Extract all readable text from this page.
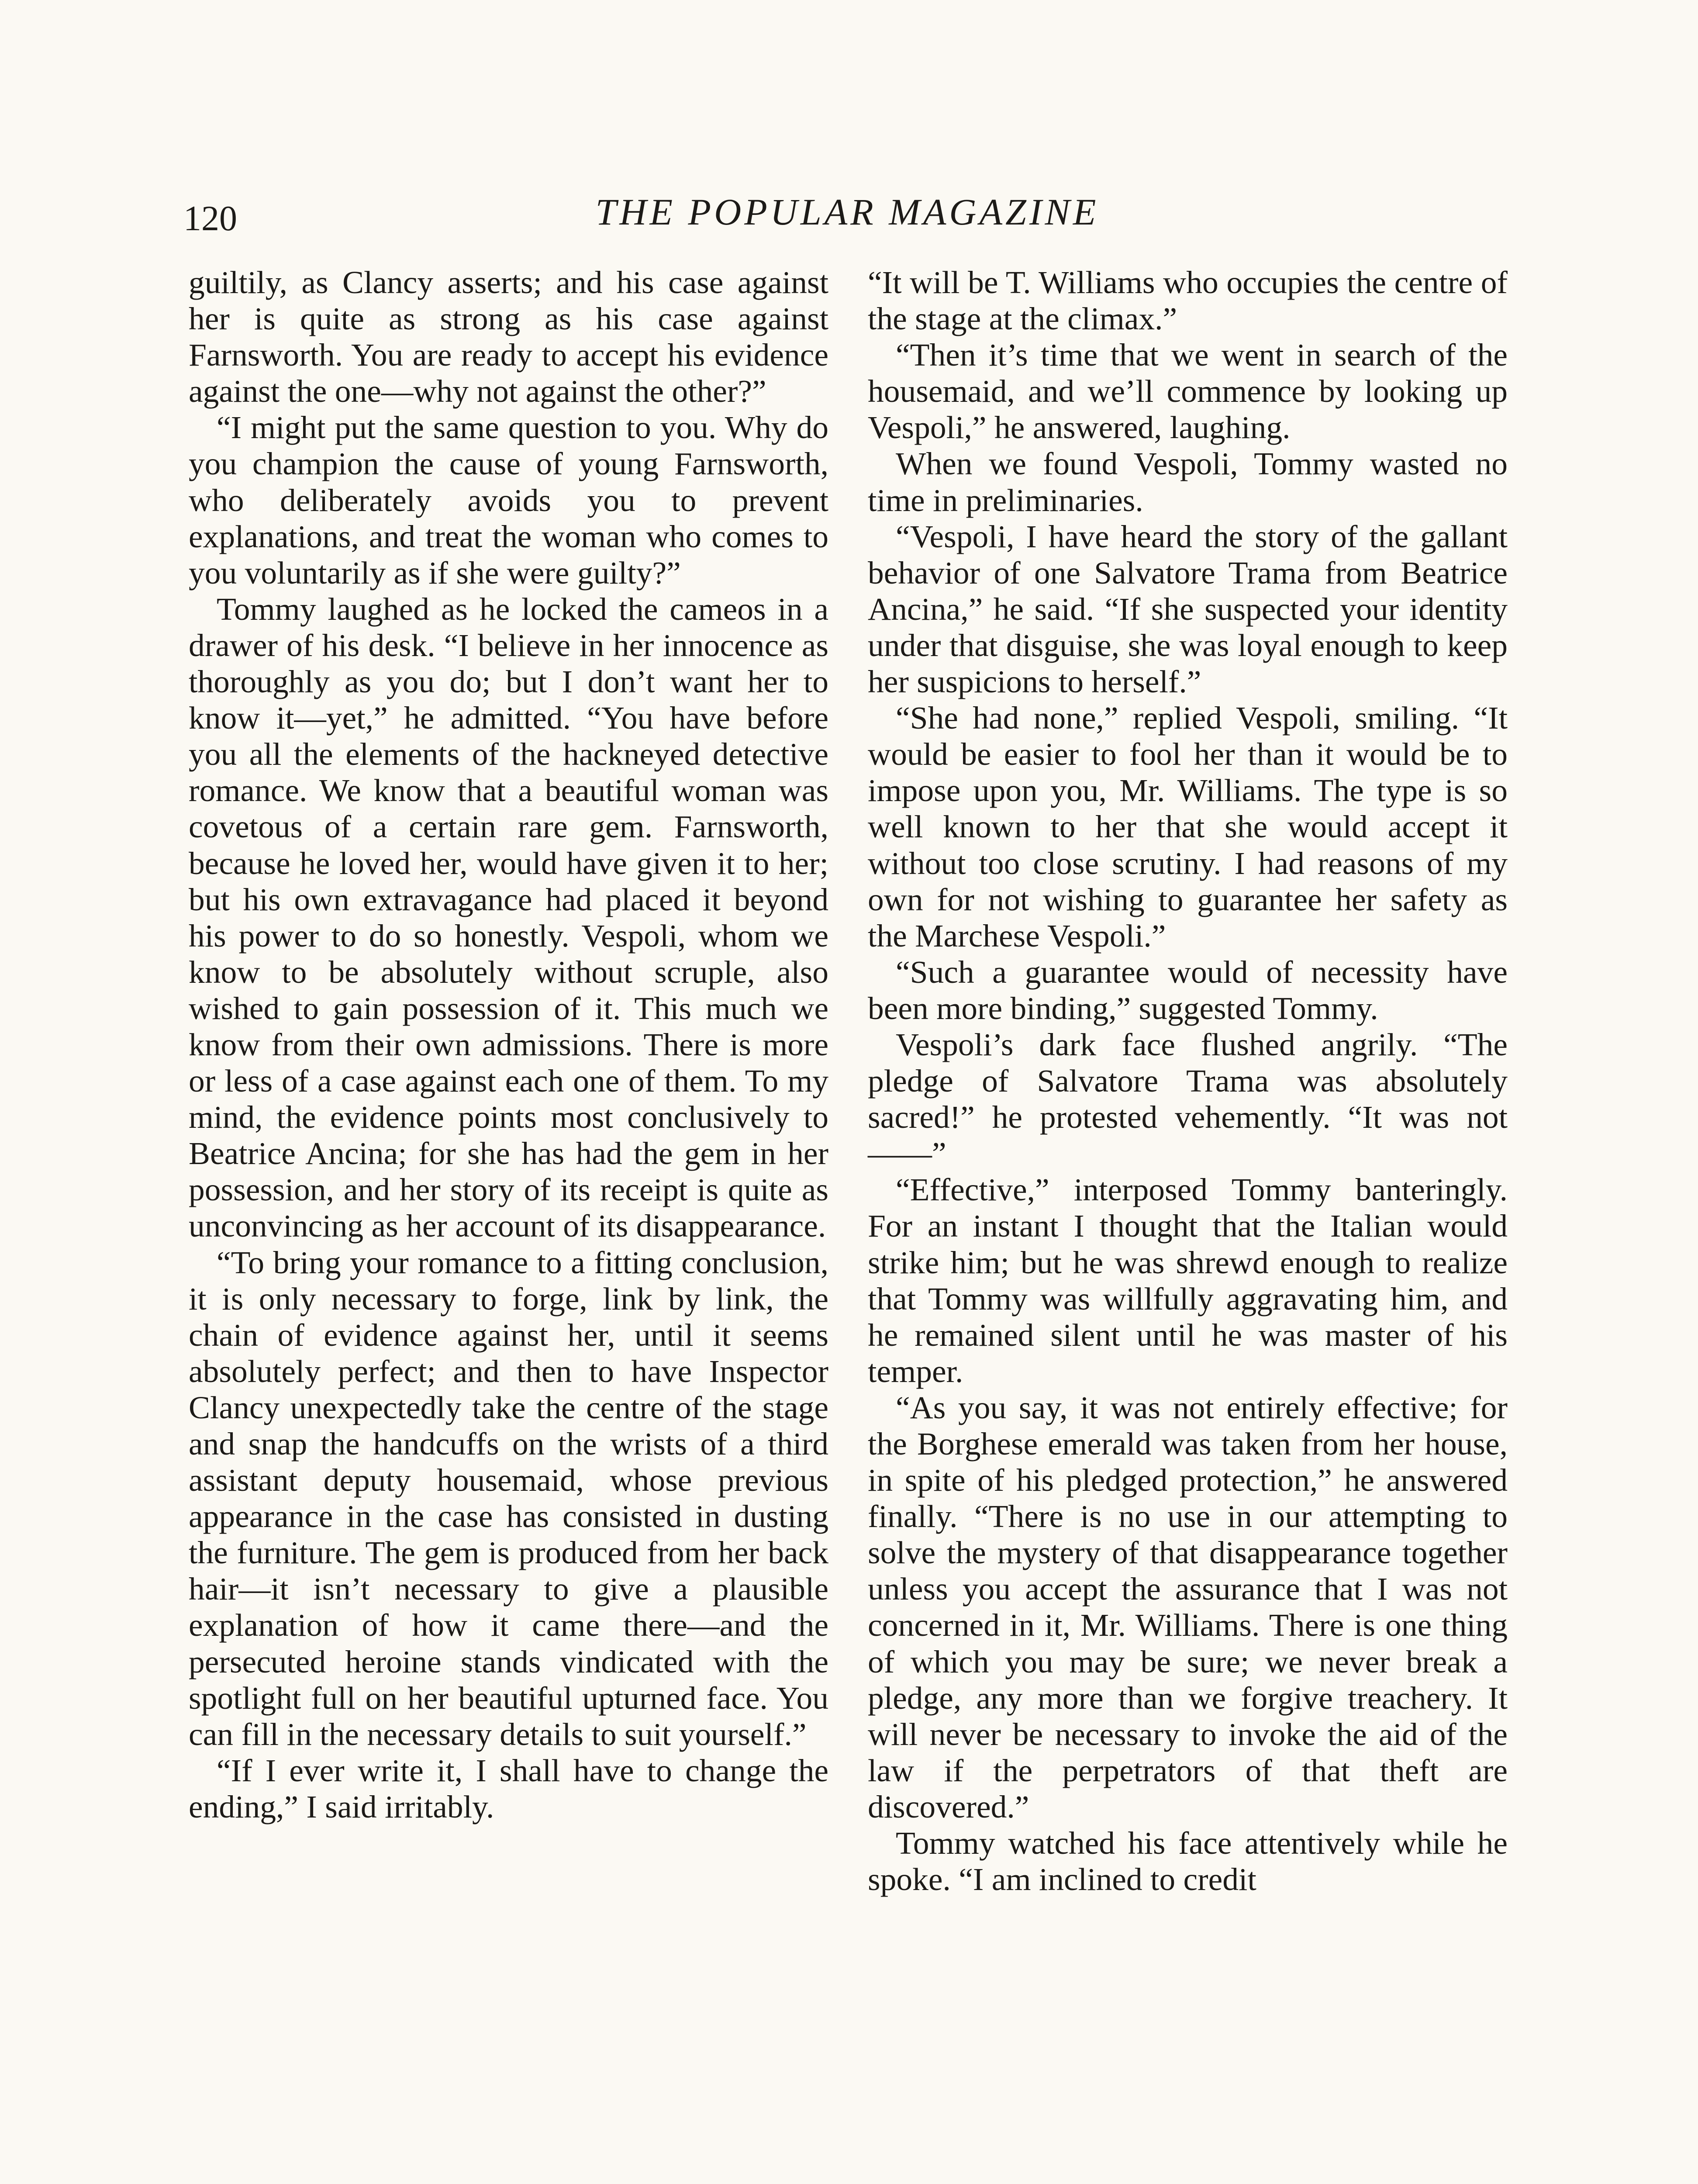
120	THE POPULAR MAGAZINE

guiltily, as Clancy asserts; and his case against her is quite as strong as his case against Farnsworth. You are ready to accept his evidence against the one—why not against the other?”

“I might put the same question to you. Why do you champion the cause of young Farnsworth, who deliberately avoids you to prevent explanations, and treat the woman who comes to you voluntarily as if she were guilty?”

Tommy laughed as he locked the cameos in a drawer of his desk. “I believe in her innocence as thoroughly as you do; but I don’t want her to know it—yet,” he admitted. “You have before you all the elements of the hackneyed detective romance. We know that a beautiful woman was covetous of a certain rare gem. Farnsworth, because he loved her, would have given it to her; but his own extravagance had placed it beyond his power to do so honestly. Vespoli, whom we know to be absolutely without scruple, also wished to gain possession of it. This much we know from their own admissions. There is more or less of a case against each one of them. To my mind, the evidence points most conclusively to Beatrice Ancina; for she has had the gem in her possession, and her story of its receipt is quite as unconvincing as her account of its disappearance.

“To bring your romance to a fitting conclusion, it is only necessary to forge, link by link, the chain of evidence against her, until it seems absolutely perfect; and then to have Inspector Clancy unexpectedly take the centre of the stage and snap the handcuffs on the wrists of a third assistant deputy housemaid, whose previous appearance in the case has consisted in dusting the furniture. The gem is produced from her back hair—it isn’t necessary to give a plausible explanation of how it came there—and the persecuted heroine stands vindicated with the spotlight full on her beautiful upturned face. You can fill in the necessary details to suit yourself.”

“If I ever write it, I shall have to change the ending,” I said irritably.

“It will be T. Williams who occupies the centre of the stage at the climax.”

“Then it’s time that we went in search of the housemaid, and we’ll commence by looking up Vespoli,” he answered, laughing.

When we found Vespoli, Tommy wasted no time in preliminaries.

“Vespoli, I have heard the story of the gallant behavior of one Salvatore Trama from Beatrice Ancina,” he said. “If she suspected your identity under that disguise, she was loyal enough to keep her suspicions to herself.”

“She had none,” replied Vespoli, smiling. “It would be easier to fool her than it would be to impose upon you, Mr. Williams. The type is so well known to her that she would accept it without too close scrutiny. I had reasons of my own for not wishing to guarantee her safety as the Marchese Vespoli.”

“Such a guarantee would of necessity have been more binding,” suggested Tommy.

Vespoli’s dark face flushed angrily. “The pledge of Salvatore Trama was absolutely sacred!” he protested vehemently. “It was not——”

“Effective,” interposed Tommy banteringly. For an instant I thought that the Italian would strike him; but he was shrewd enough to realize that Tommy was willfully aggravating him, and he remained silent until he was master of his temper.

“As you say, it was not entirely effective; for the Borghese emerald was taken from her house, in spite of his pledged protection,” he answered finally. “There is no use in our attempting to solve the mystery of that disappearance together unless you accept the assurance that I was not concerned in it, Mr. Williams. There is one thing of which you may be sure; we never break a pledge, any more than we forgive treachery. It will never be necessary to invoke the aid of the law if the perpetrators of that theft are discovered.”

Tommy watched his face attentively while he spoke. “I am inclined to credit
